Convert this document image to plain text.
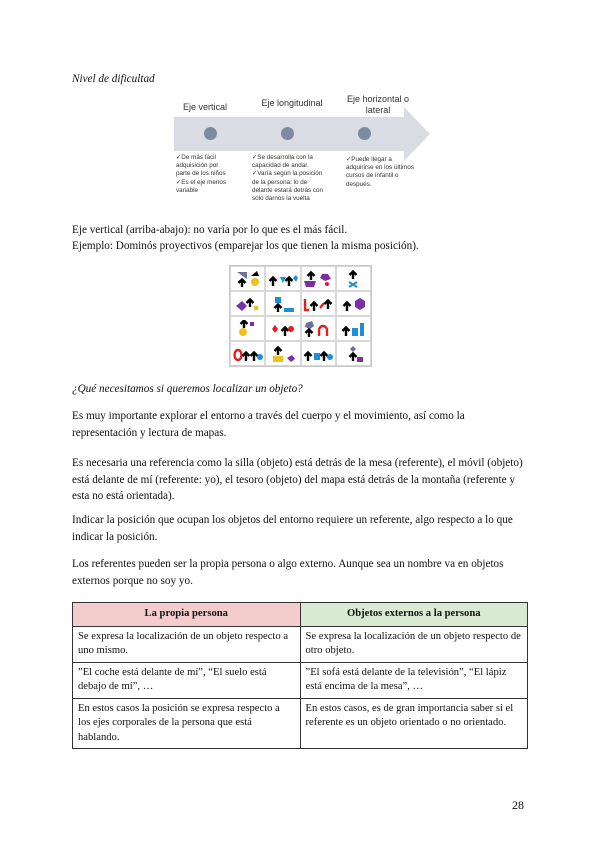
Nivel de dificultad
Eje vertical	Eje longitudinal	Eje horizontal o
lateral
✓De más fácil
adquisición por
parte de los niños
✓Es el eje menos
variable
✓Se desarrolla con la
capacidad de andar.
✓Varía según la posición
de la persona: lo de
delante estará detrás con
sólo darnos la vuelta
✓Puede llegar a
adquirirse en los últimos
cursos de infantil o
después.
Eje vertical (arriba-abajo): no varía por lo que es el más fácil.
Ejemplo: Dominós proyectivos (emparejar los que tienen la misma posición).
¿Qué necesitamos si queremos localizar un objeto?
Es muy importante explorar el entorno a través del cuerpo y el movimiento, así como la representación y lectura de mapas.
Es necesaria una referencia como la silla (objeto) está detrás de la mesa (referente), el móvil (objeto) está delante de mí (referente: yo), el tesoro (objeto) del mapa está detrás de la montaña (referente y esta no está orientada).
Indicar la posición que ocupan los objetos del entorno requiere un referente, algo respecto a lo que indicar la posición.
Los referentes pueden ser la propia persona o algo externo. Aunque sea un nombre va en objetos externos porque no soy yo.
La propia persona	Objetos externos a la persona
Se expresa la localización de un objeto respecto a uno mismo.	Se expresa la localización de un objeto respecto de otro objeto.
”El coche está delante de mí”, “El suelo está debajo de mí”, …	”El sofá está delante de la televisión”, “El lápiz está encima de la mesa”, …
En estos casos la posición se expresa respecto a los ejes corporales de la persona que está hablando.	En estos casos, es de gran importancia saber si el referente es un objeto orientado o no orientado.
28
